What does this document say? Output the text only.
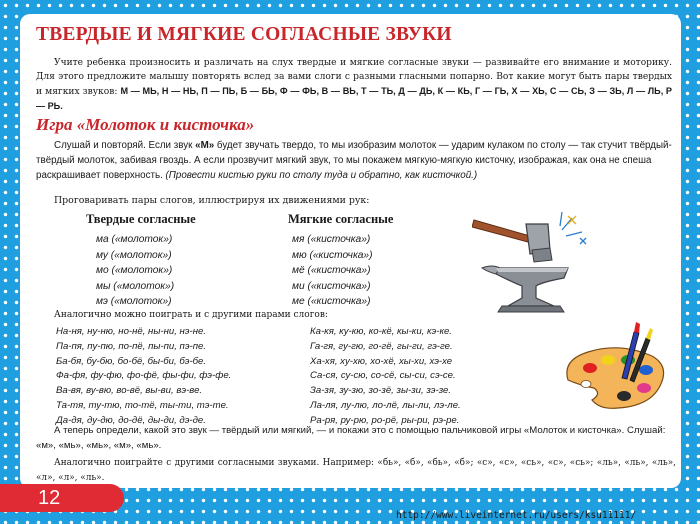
ТВЕРДЫЕ И МЯГКИЕ СОГЛАСНЫЕ ЗВУКИ

Учите ребенка произносить и различать на слух твердые и мягкие согласные звуки — развивайте его внимание и моторику. Для этого предложите малышу повторять вслед за вами слоги с разными гласными попарно. Вот какие могут быть пары твердых и мягких звуков: М — МЬ, Н — НЬ, П — ПЬ, Б — БЬ, Ф — ФЬ, В — ВЬ, Т — ТЬ, Д — ДЬ, К — КЬ, Г — ГЬ, Х — ХЬ, С — СЬ, З — ЗЬ, Л — ЛЬ, Р — РЬ.

Игра «Молоток и кисточка»

Слушай и повторяй. Если звук «М» будет звучать твердо, то мы изобразим молоток — ударим кулаком по столу — так стучит твёрдый-твёрдый молоток, забивая гвоздь. А если прозвучит мягкий звук, то мы покажем мягкую-мягкую кисточку, изображая, как она не спеша раскрашивает поверхность. (Провести кистью руки по столу туда и обратно, как кисточкой.)

Проговаривать пары слогов, иллюстрируя их движениями рук:

Твердые согласные	Мягкие согласные
ма («молоток»)
му («молоток»)
мо («молоток»)
мы («молоток»)
мэ («молоток»)
мя («кисточка»)
мю («кисточка»)
мё («кисточка»)
ми («кисточка»)
ме («кисточка»)

Аналогично можно поиграть и с другими парами слогов:

На-ня, ну-ню, но-нё, ны-ни, нэ-не.
Па-пя, пу-пю, по-пё, пы-пи, пэ-пе.
Ба-бя, бу-бю, бо-бё, бы-би, бэ-бе.
Фа-фя, фу-фю, фо-фё, фы-фи, фэ-фе.
Ва-вя, ву-вю, во-вё, вы-ви, вэ-ве.
Та-тя, ту-тю, то-тё, ты-ти, тэ-те.
Да-дя, ду-дю, до-дё, ды-ди, дэ-де.
Ка-кя, ку-кю, ко-кё, кы-ки, кэ-ке.
Га-гя, гу-гю, го-гё, гы-ги, гэ-ге.
Ха-хя, ху-хю, хо-хё, хы-хи, хэ-хе
Са-ся, су-сю, со-сё, сы-си, сэ-се.
За-зя, зу-зю, зо-зё, зы-зи, зэ-зе.
Ла-ля, лу-лю, ло-лё, лы-ли, лэ-ле.
Ра-ря, ру-рю, ро-рё, ры-ри, рэ-ре.

А теперь определи, какой это звук — твёрдый или мягкий, — и покажи это с помощью пальчиковой игры «Молоток и кисточка». Слушай: «м», «мь», «мь», «м», «мь».

Аналогично поиграйте с другими согласными звуками. Например: «бь», «б», «бь», «б»; «с», «с», «сь», «с», «сь»; «ль», «ль», «ль», «л», «л», «ль».

12

http://www.liveinternet.ru/users/ksu11111/
